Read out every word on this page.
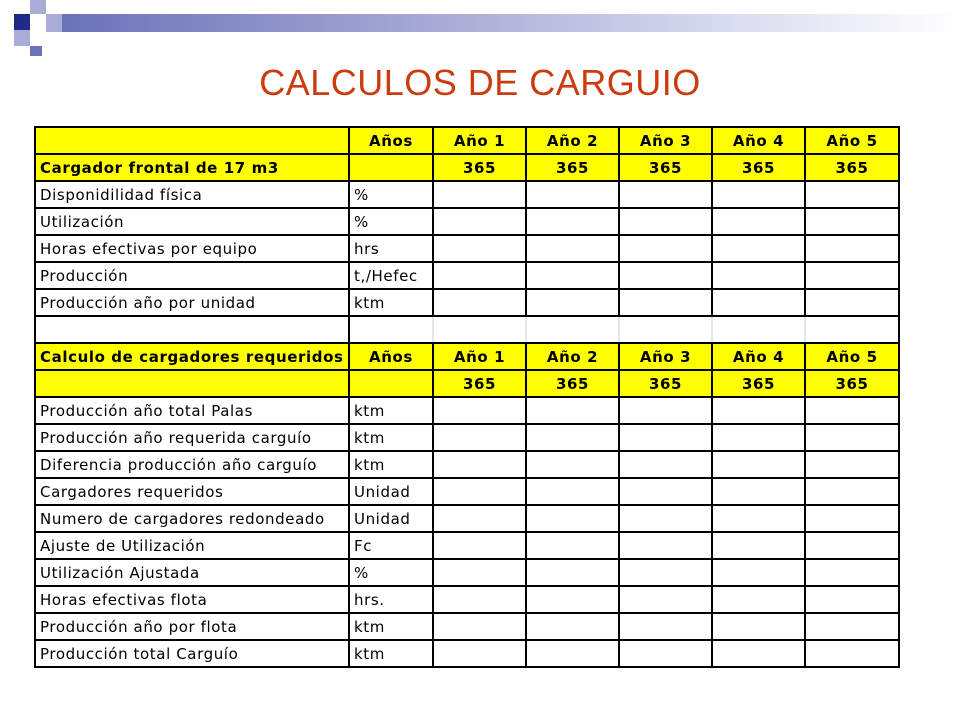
CALCULOS DE CARGUIO
	Años	Año 1	Año 2	Año 3	Año 4	Año 5
Cargador frontal de 17 m3		365	365	365	365	365
Disponidilidad física	%					
Utilización	%					
Horas efectivas por equipo	hrs					
Producción	t,/Hefec					
Producción año por unidad	ktm					

Calculo de cargadores requeridos	Años	Año 1	Año 2	Año 3	Año 4	Año 5
		365	365	365	365	365
Producción año total Palas	ktm					
Producción año requerida carguío	ktm					
Diferencia producción año carguío	ktm					
Cargadores requeridos	Unidad					
Numero de cargadores redondeado	Unidad					
Ajuste de Utilización	Fc					
Utilización Ajustada	%					
Horas efectivas flota	hrs.					
Producción año por flota	ktm					
Producción total Carguío	ktm					
